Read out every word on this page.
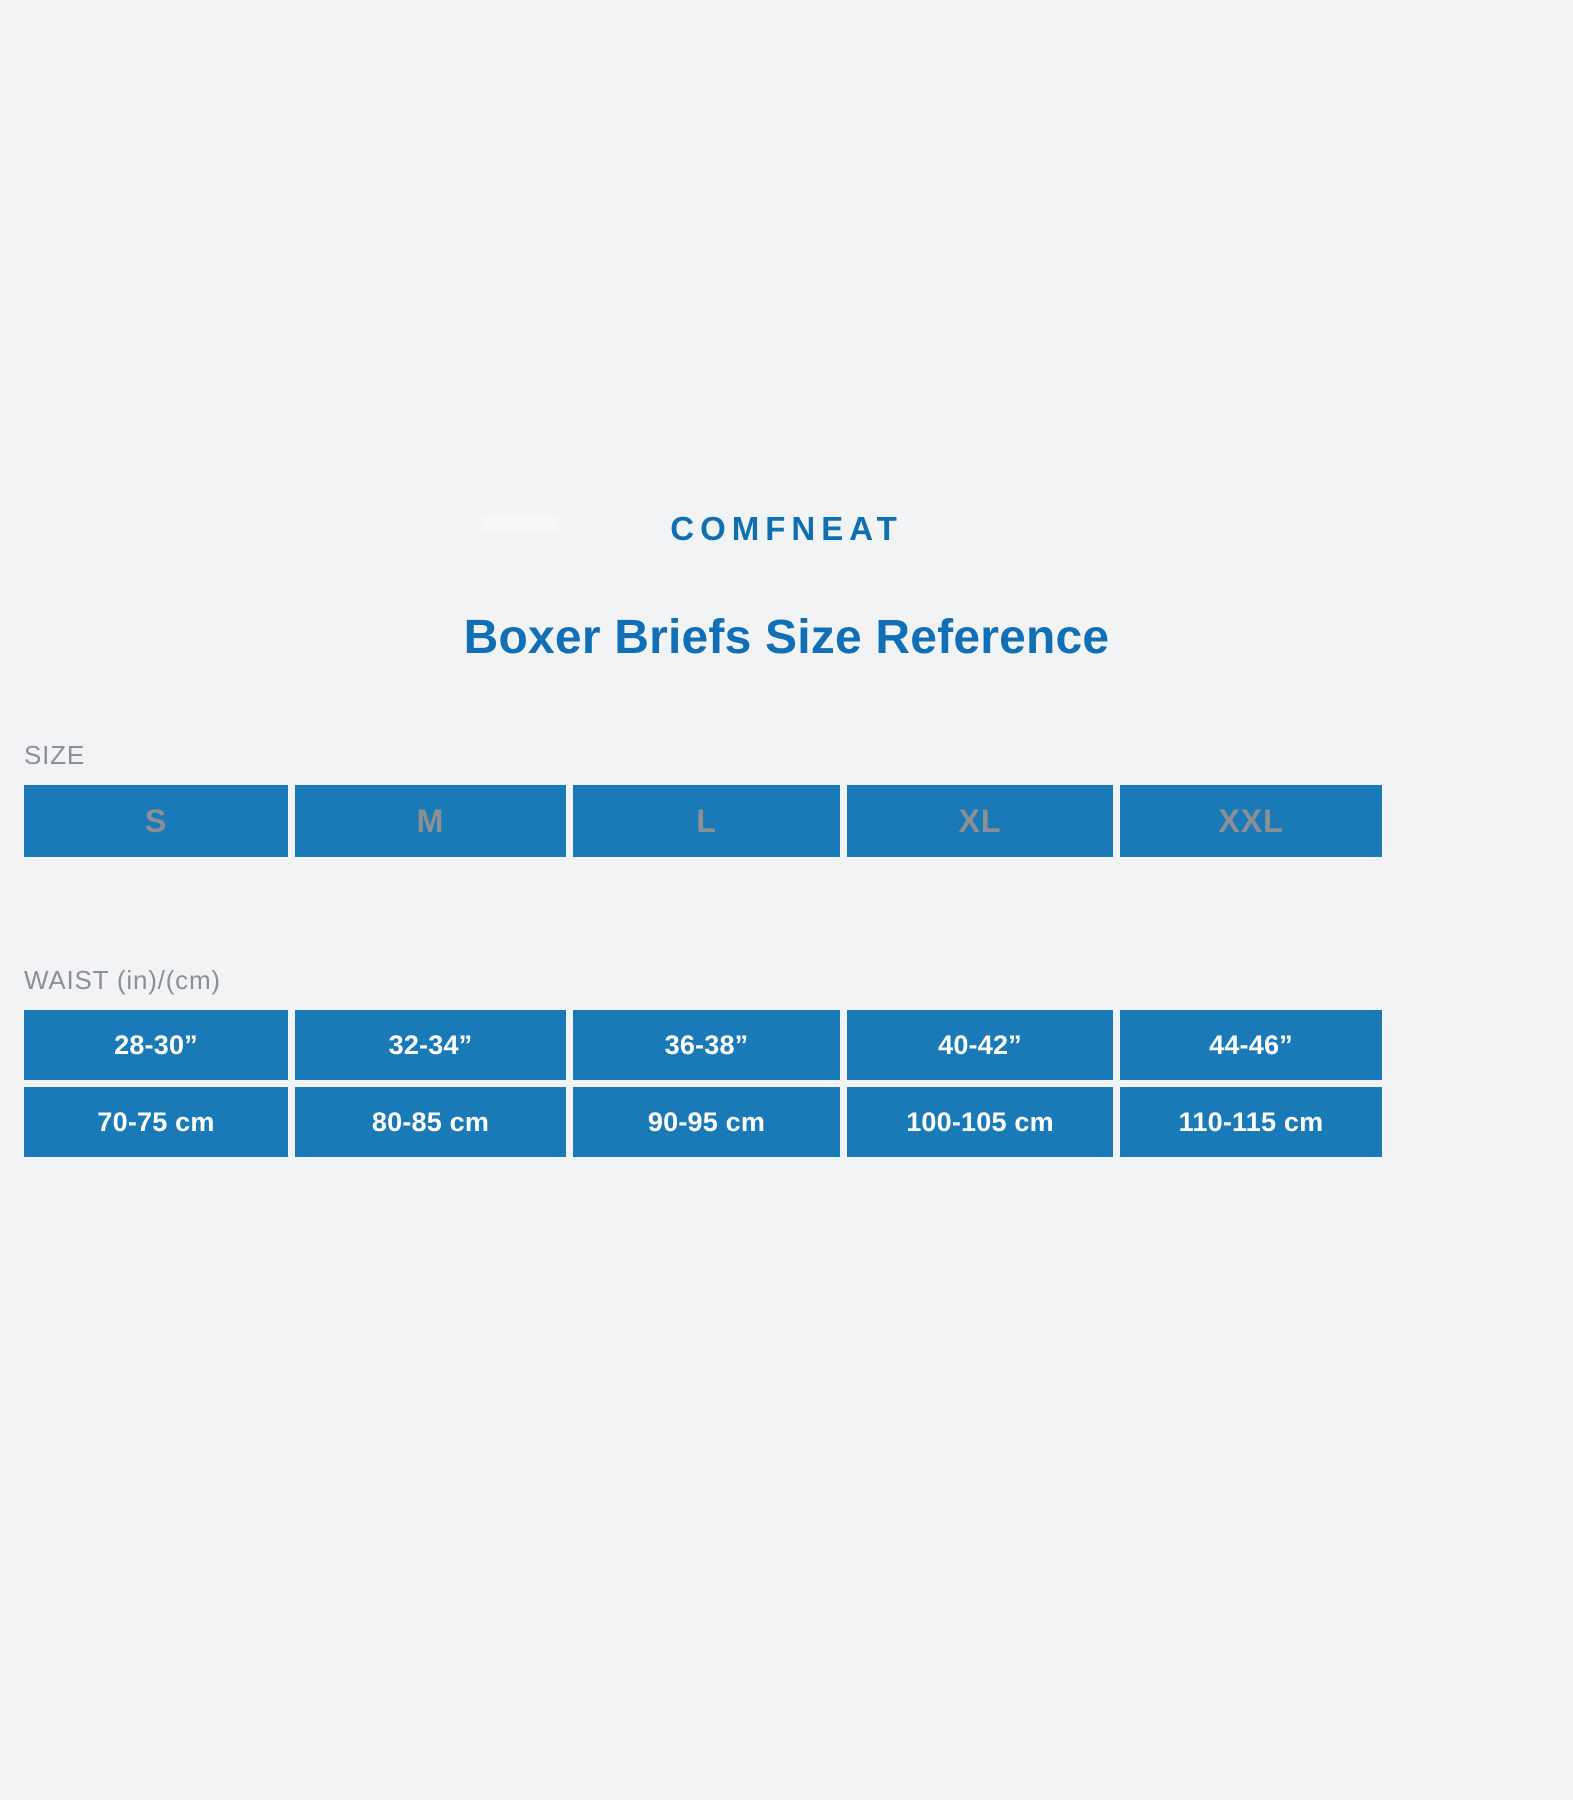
COMFNEAT
Boxer Briefs Size Reference
SIZE
S	M	L	XL	XXL
WAIST (in)/(cm)
28-30”	32-34”	36-38”	40-42”	44-46”
70-75 cm	80-85 cm	90-95 cm	100-105 cm	110-115 cm
